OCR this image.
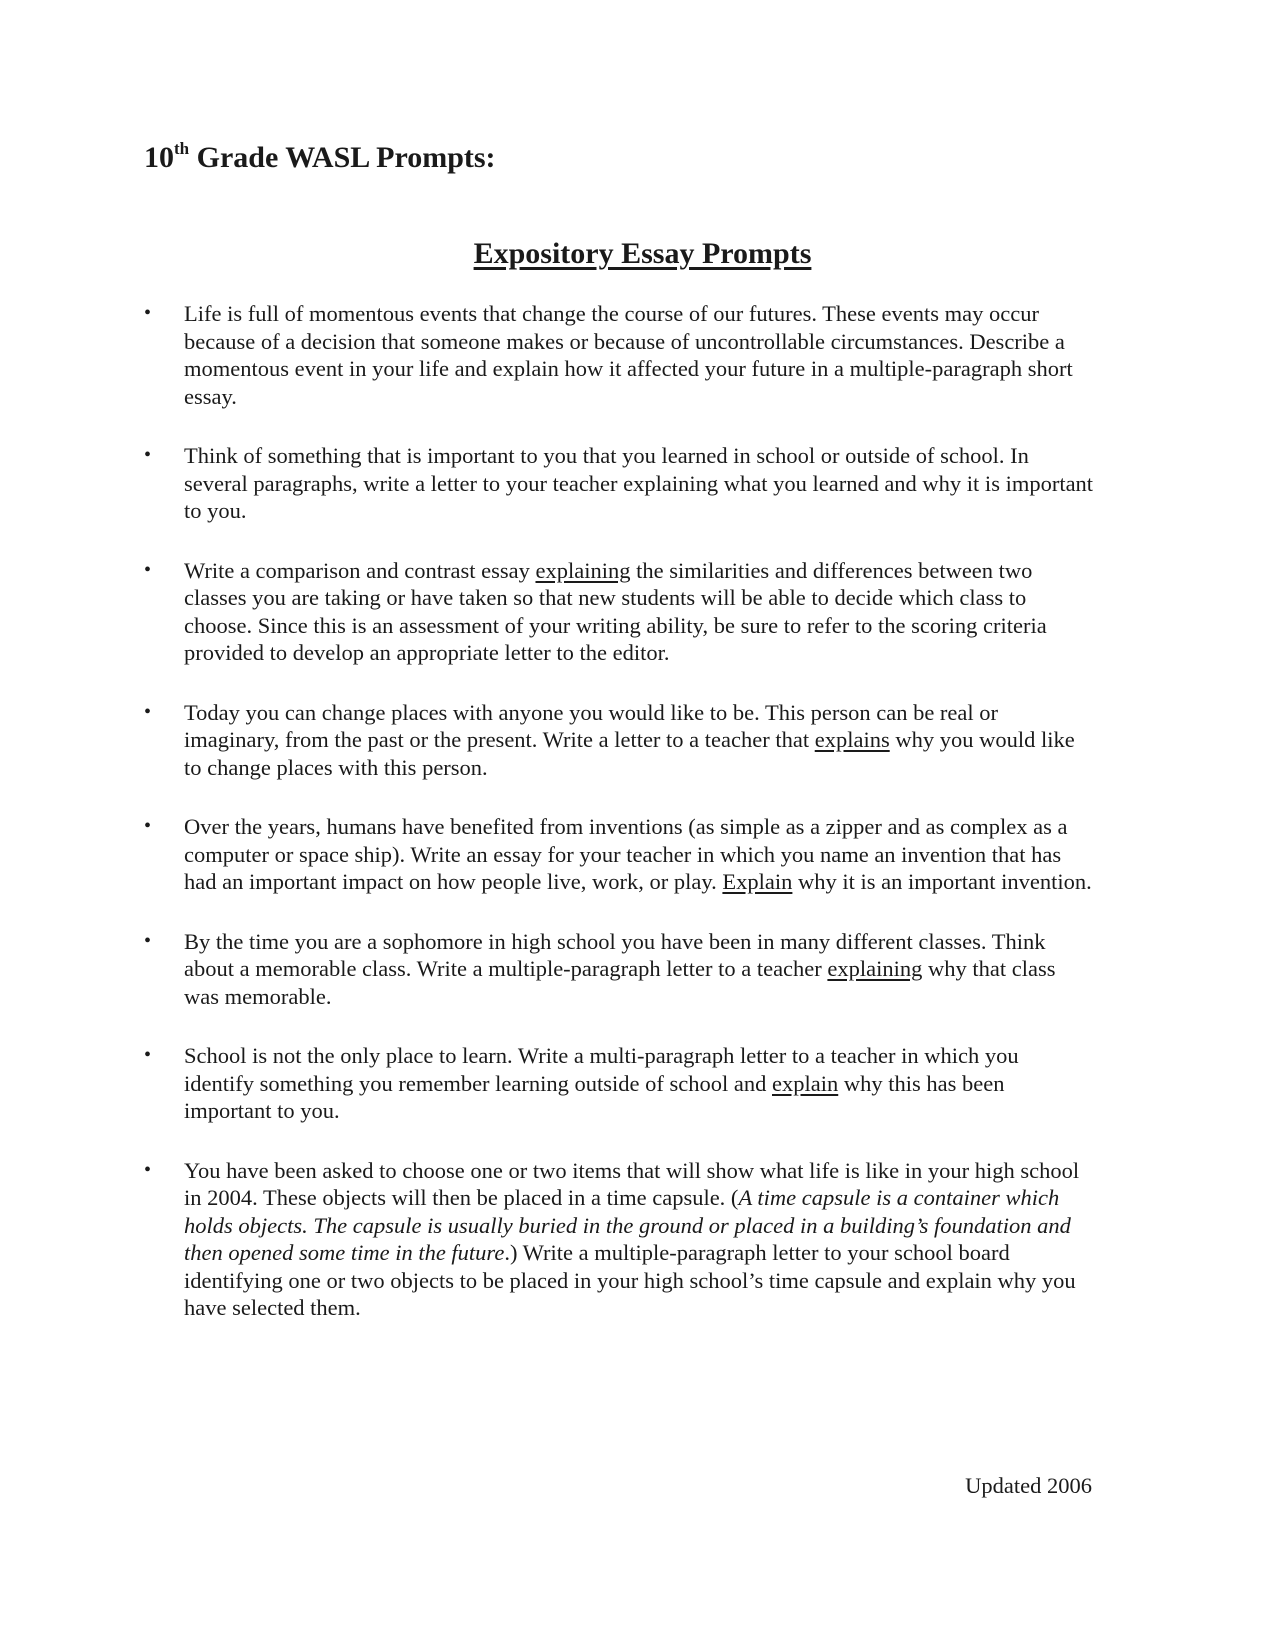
10th Grade WASL Prompts:
Expository Essay Prompts
• Life is full of momentous events that change the course of our futures. These events may occur because of a decision that someone makes or because of uncontrollable circumstances. Describe a momentous event in your life and explain how it affected your future in a multiple-paragraph short essay.
• Think of something that is important to you that you learned in school or outside of school. In several paragraphs, write a letter to your teacher explaining what you learned and why it is important to you.
• Write a comparison and contrast essay explaining the similarities and differences between two classes you are taking or have taken so that new students will be able to decide which class to choose. Since this is an assessment of your writing ability, be sure to refer to the scoring criteria provided to develop an appropriate letter to the editor.
• Today you can change places with anyone you would like to be. This person can be real or imaginary, from the past or the present. Write a letter to a teacher that explains why you would like to change places with this person.
• Over the years, humans have benefited from inventions (as simple as a zipper and as complex as a computer or space ship). Write an essay for your teacher in which you name an invention that has had an important impact on how people live, work, or play. Explain why it is an important invention.
• By the time you are a sophomore in high school you have been in many different classes. Think about a memorable class. Write a multiple-paragraph letter to a teacher explaining why that class was memorable.
• School is not the only place to learn. Write a multi-paragraph letter to a teacher in which you identify something you remember learning outside of school and explain why this has been important to you.
• You have been asked to choose one or two items that will show what life is like in your high school in 2004. These objects will then be placed in a time capsule. (A time capsule is a container which holds objects. The capsule is usually buried in the ground or placed in a building’s foundation and then opened some time in the future.) Write a multiple-paragraph letter to your school board identifying one or two objects to be placed in your high school’s time capsule and explain why you have selected them.
Updated 2006
